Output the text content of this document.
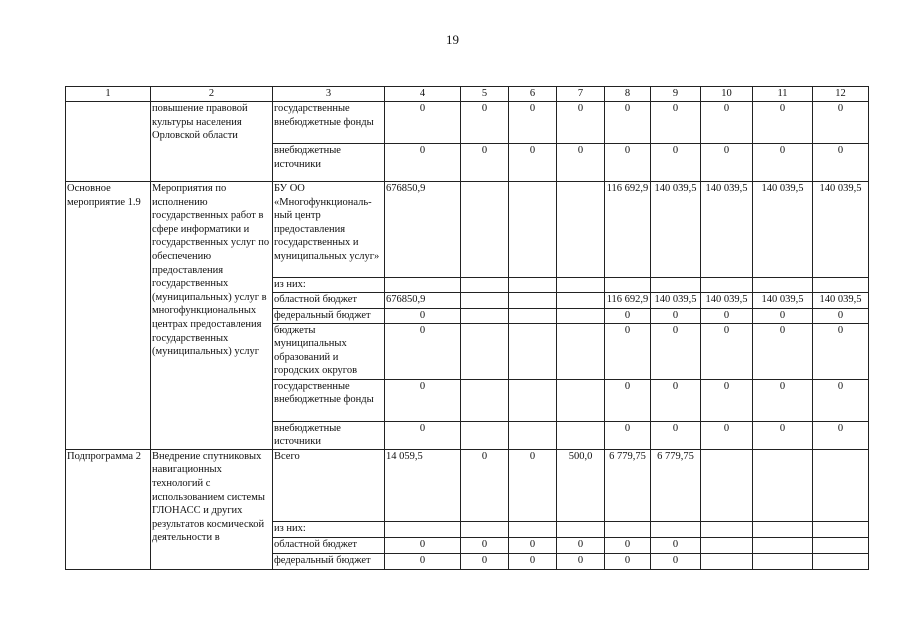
19
1	2	3	4	5	6	7	8	9	10	11	12
	повышение правовой культуры населения Орловской области	государственные внебюджетные фонды	0	0	0	0	0	0	0	0	0
		внебюджетные источники	0	0	0	0	0	0	0	0	0
Основное мероприятие 1.9	Мероприятия по исполнению государственных работ в сфере информатики и государственных услуг по обеспечению предоставления государственных (муниципальных) услуг в многофункциональных центрах предоставления государственных (муниципальных) услуг	БУ ОО «Многофункциональ-ный центр предоставления государственных и муниципальных услуг»	676850,9				116 692,9	140 039,5	140 039,5	140 039,5	140 039,5
		из них:									
		областной бюджет	676850,9				116 692,9	140 039,5	140 039,5	140 039,5	140 039,5
		федеральный бюджет	0				0	0	0	0	0
		бюджеты муниципальных образований и городских округов	0				0	0	0	0	0
		государственные внебюджетные фонды	0				0	0	0	0	0
		внебюджетные источники	0				0	0	0	0	0
Подпрограмма 2	Внедрение спутниковых навигационных технологий с использованием системы ГЛОНАСС и других результатов космической деятельности в	Всего	14 059,5	0	0	500,0	6 779,75	6 779,75			
		из них:									
		областной бюджет	0	0	0	0	0	0			
		федеральный бюджет	0	0	0	0	0	0			
